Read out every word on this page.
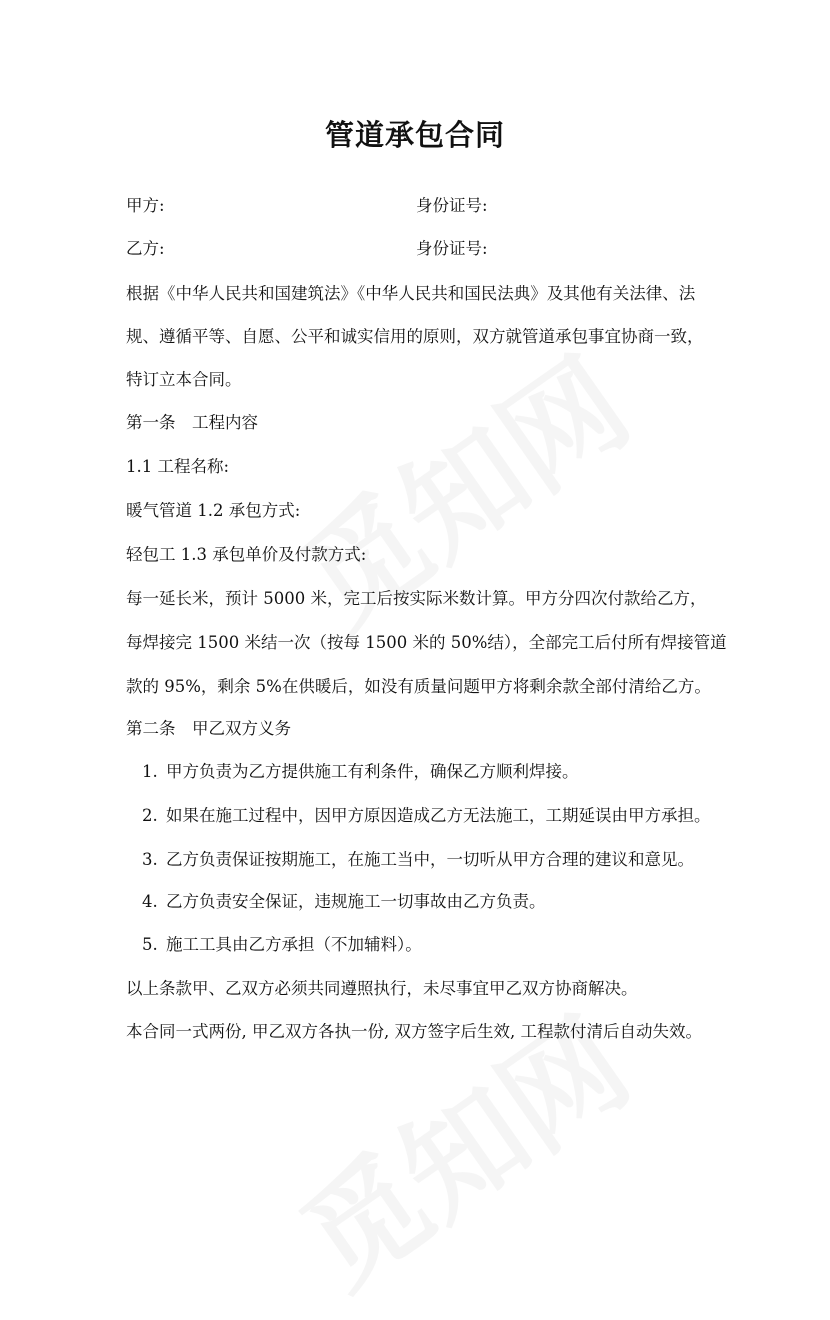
管道承包合同
甲方:	身份证号:
乙方:	身份证号:
根据《中华人民共和国建筑法》《中华人民共和国民法典》及其他有关法律、法
规、遵循平等、自愿、公平和诚实信用的原则，双方就管道承包事宜协商一致，
特订立本合同。
第一条　工程内容
1.1 工程名称:
暖气管道 1.2 承包方式:
轻包工 1.3 承包单价及付款方式:
每一延长米，预计 5000 米，完工后按实际米数计算。甲方分四次付款给乙方，
每焊接完 1500 米结一次（按每 1500 米的 50%结），全部完工后付所有焊接管道
款的 95%，剩余 5%在供暖后，如没有质量问题甲方将剩余款全部付清给乙方。
第二条　甲乙双方义务
1. 甲方负责为乙方提供施工有利条件，确保乙方顺利焊接。
2. 如果在施工过程中，因甲方原因造成乙方无法施工，工期延误由甲方承担。
3. 乙方负责保证按期施工，在施工当中，一切听从甲方合理的建议和意见。
4. 乙方负责安全保证，违规施工一切事故由乙方负责。
5. 施工工具由乙方承担（不加辅料）。
以上条款甲、乙双方必须共同遵照执行，未尽事宜甲乙双方协商解决。
本合同一式两份, 甲乙双方各执一份, 双方签字后生效, 工程款付清后自动失效。
